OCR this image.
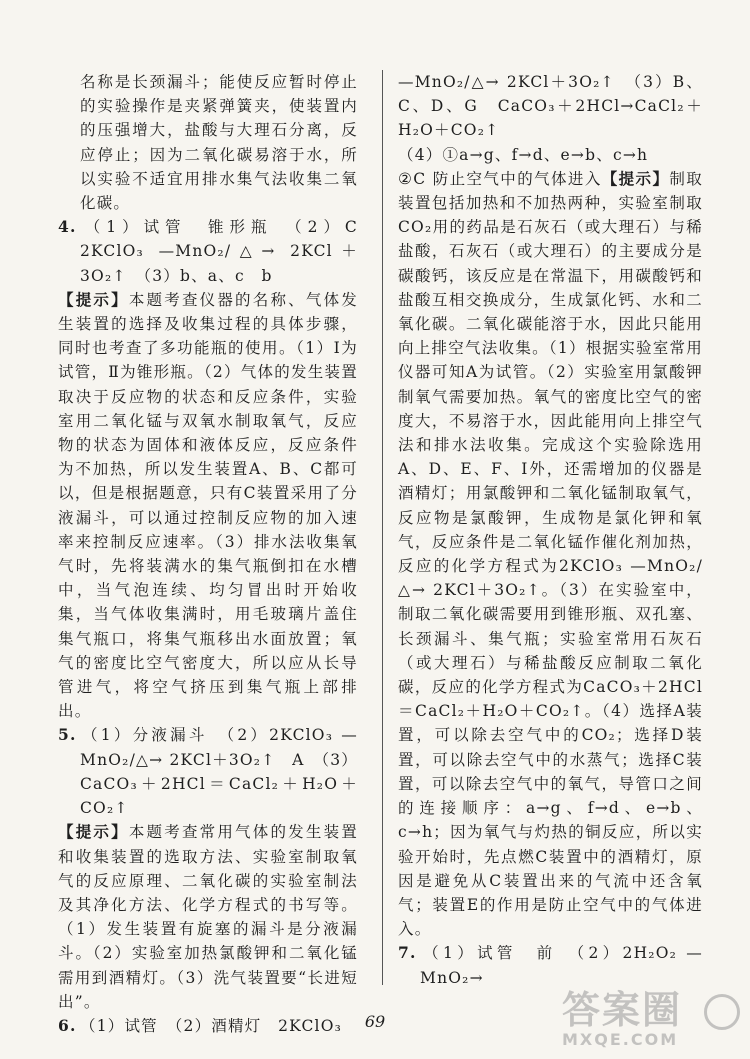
名称是长颈漏斗；能使反应暂时停止的实验操作是夹紧弹簧夹，使装置内的压强增大，盐酸与大理石分离，反应停止；因为二氧化碳易溶于水，所以实验不适宜用排水集气法收集二氧化碳。

4. （1）试管　锥形瓶　（2）C　2KClO₃ —MnO₂/△→ 2KCl＋3O₂↑　（3）b、a、c　b

【提示】本题考查仪器的名称、气体发生装置的选择及收集过程的具体步骤，同时也考查了多功能瓶的使用。（1）Ⅰ为试管，Ⅱ为锥形瓶。（2）气体的发生装置取决于反应物的状态和反应条件，实验室用二氧化锰与双氧水制取氧气，反应物的状态为固体和液体反应，反应条件为不加热，所以发生装置A、B、C都可以，但是根据题意，只有C装置采用了分液漏斗，可以通过控制反应物的加入速率来控制反应速率。（3）排水法收集氧气时，先将装满水的集气瓶倒扣在水槽中，当气泡连续、均匀冒出时开始收集，当气体收集满时，用毛玻璃片盖住集气瓶口，将集气瓶移出水面放置；氧气的密度比空气密度大，所以应从长导管进气，将空气挤压到集气瓶上部排出。

5. （1）分液漏斗　（2）2KClO₃ —MnO₂/△→ 2KCl＋3O₂↑　A　（3）CaCO₃＋2HCl＝CaCl₂＋H₂O＋CO₂↑

【提示】本题考查常用气体的发生装置和收集装置的选取方法、实验室制取氧气的反应原理、二氧化碳的实验室制法及其净化方法、化学方程式的书写等。（1）发生装置有旋塞的漏斗是分液漏斗。（2）实验室加热氯酸钾和二氧化锰需用到酒精灯。（3）洗气装置要“长进短出”。

6. （1）试管　（2）酒精灯　2KClO₃

—MnO₂/△→ 2KCl＋3O₂↑　（3）B、C、D、G　CaCO₃＋2HCl→CaCl₂＋H₂O＋CO₂↑

（4）①a→g、f→d、e→b、c→h

②C 防止空气中的气体进入【提示】制取装置包括加热和不加热两种，实验室制取CO₂用的药品是石灰石（或大理石）与稀盐酸，石灰石（或大理石）的主要成分是碳酸钙，该反应是在常温下，用碳酸钙和盐酸互相交换成分，生成氯化钙、水和二氧化碳。二氧化碳能溶于水，因此只能用向上排空气法收集。（1）根据实验室常用仪器可知A为试管。（2）实验室用氯酸钾制氧气需要加热。氧气的密度比空气的密度大，不易溶于水，因此能用向上排空气法和排水法收集。完成这个实验除选用A、D、E、F、I外，还需增加的仪器是酒精灯；用氯酸钾和二氧化锰制取氧气，反应物是氯酸钾，生成物是氯化钾和氧气，反应条件是二氧化锰作催化剂加热，反应的化学方程式为2KClO₃ —MnO₂/△→ 2KCl＋3O₂↑。（3）在实验室中，制取二氧化碳需要用到锥形瓶、双孔塞、长颈漏斗、集气瓶；实验室常用石灰石（或大理石）与稀盐酸反应制取二氧化碳，反应的化学方程式为CaCO₃＋2HCl＝CaCl₂＋H₂O＋CO₂↑。（4）选择A装置，可以除去空气中的CO₂；选择D装置，可以除去空气中的水蒸气；选择C装置，可以除去空气中的氧气，导管口之间的连接顺序：a→g、f→d、e→b、c→h；因为氧气与灼热的铜反应，所以实验开始时，先点燃C装置中的酒精灯，原因是避免从C装置出来的气流中还含氧气；装置E的作用是防止空气中的气体进入。

7. （1）试管　前　（2）2H₂O₂ —MnO₂→

69	答案圈
MXQE.COM
